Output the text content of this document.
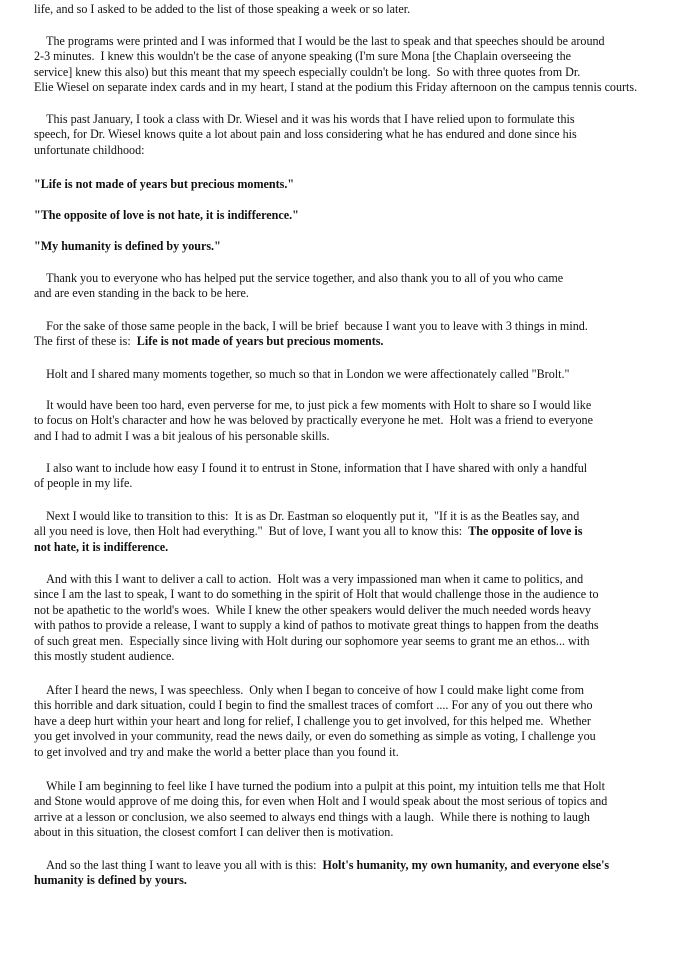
life, and so I asked to be added to the list of those speaking a week or so later.
The programs were printed and I was informed that I would be the last to speak and that speeches should be around
2-3 minutes.  I knew this wouldn't be the case of anyone speaking (I'm sure Mona [the Chaplain overseeing the
service] knew this also) but this meant that my speech especially couldn't be long.  So with three quotes from Dr.
Elie Wiesel on separate index cards and in my heart, I stand at the podium this Friday afternoon on the campus tennis courts.
This past January, I took a class with Dr. Wiesel and it was his words that I have relied upon to formulate this
speech, for Dr. Wiesel knows quite a lot about pain and loss considering what he has endured and done since his
unfortunate childhood:
"Life is not made of years but precious moments."
"The opposite of love is not hate, it is indifference."
"My humanity is defined by yours."
Thank you to everyone who has helped put the service together, and also thank you to all of you who came
and are even standing in the back to be here.
For the sake of those same people in the back, I will be brief  because I want you to leave with 3 things in mind.
The first of these is:  Life is not made of years but precious moments.
Holt and I shared many moments together, so much so that in London we were affectionately called "Brolt."
It would have been too hard, even perverse for me, to just pick a few moments with Holt to share so I would like
to focus on Holt's character and how he was beloved by practically everyone he met.  Holt was a friend to everyone
and I had to admit I was a bit jealous of his personable skills.
I also want to include how easy I found it to entrust in Stone, information that I have shared with only a handful
of people in my life.
Next I would like to transition to this:  It is as Dr. Eastman so eloquently put it,  "If it is as the Beatles say, and
all you need is love, then Holt had everything."  But of love, I want you all to know this:  The opposite of love is
not hate, it is indifference.
And with this I want to deliver a call to action.  Holt was a very impassioned man when it came to politics, and
since I am the last to speak, I want to do something in the spirit of Holt that would challenge those in the audience to
not be apathetic to the world's woes.  While I knew the other speakers would deliver the much needed words heavy
with pathos to provide a release, I want to supply a kind of pathos to motivate great things to happen from the deaths
of such great men.  Especially since living with Holt during our sophomore year seems to grant me an ethos... with
this mostly student audience.
After I heard the news, I was speechless.  Only when I began to conceive of how I could make light come from
this horrible and dark situation, could I begin to find the smallest traces of comfort .... For any of you out there who
have a deep hurt within your heart and long for relief, I challenge you to get involved, for this helped me.  Whether
you get involved in your community, read the news daily, or even do something as simple as voting, I challenge you
to get involved and try and make the world a better place than you found it.
While I am beginning to feel like I have turned the podium into a pulpit at this point, my intuition tells me that Holt
and Stone would approve of me doing this, for even when Holt and I would speak about the most serious of topics and
arrive at a lesson or conclusion, we also seemed to always end things with a laugh.  While there is nothing to laugh
about in this situation, the closest comfort I can deliver then is motivation.
And so the last thing I want to leave you all with is this:  Holt's humanity, my own humanity, and everyone else's
humanity is defined by yours.
